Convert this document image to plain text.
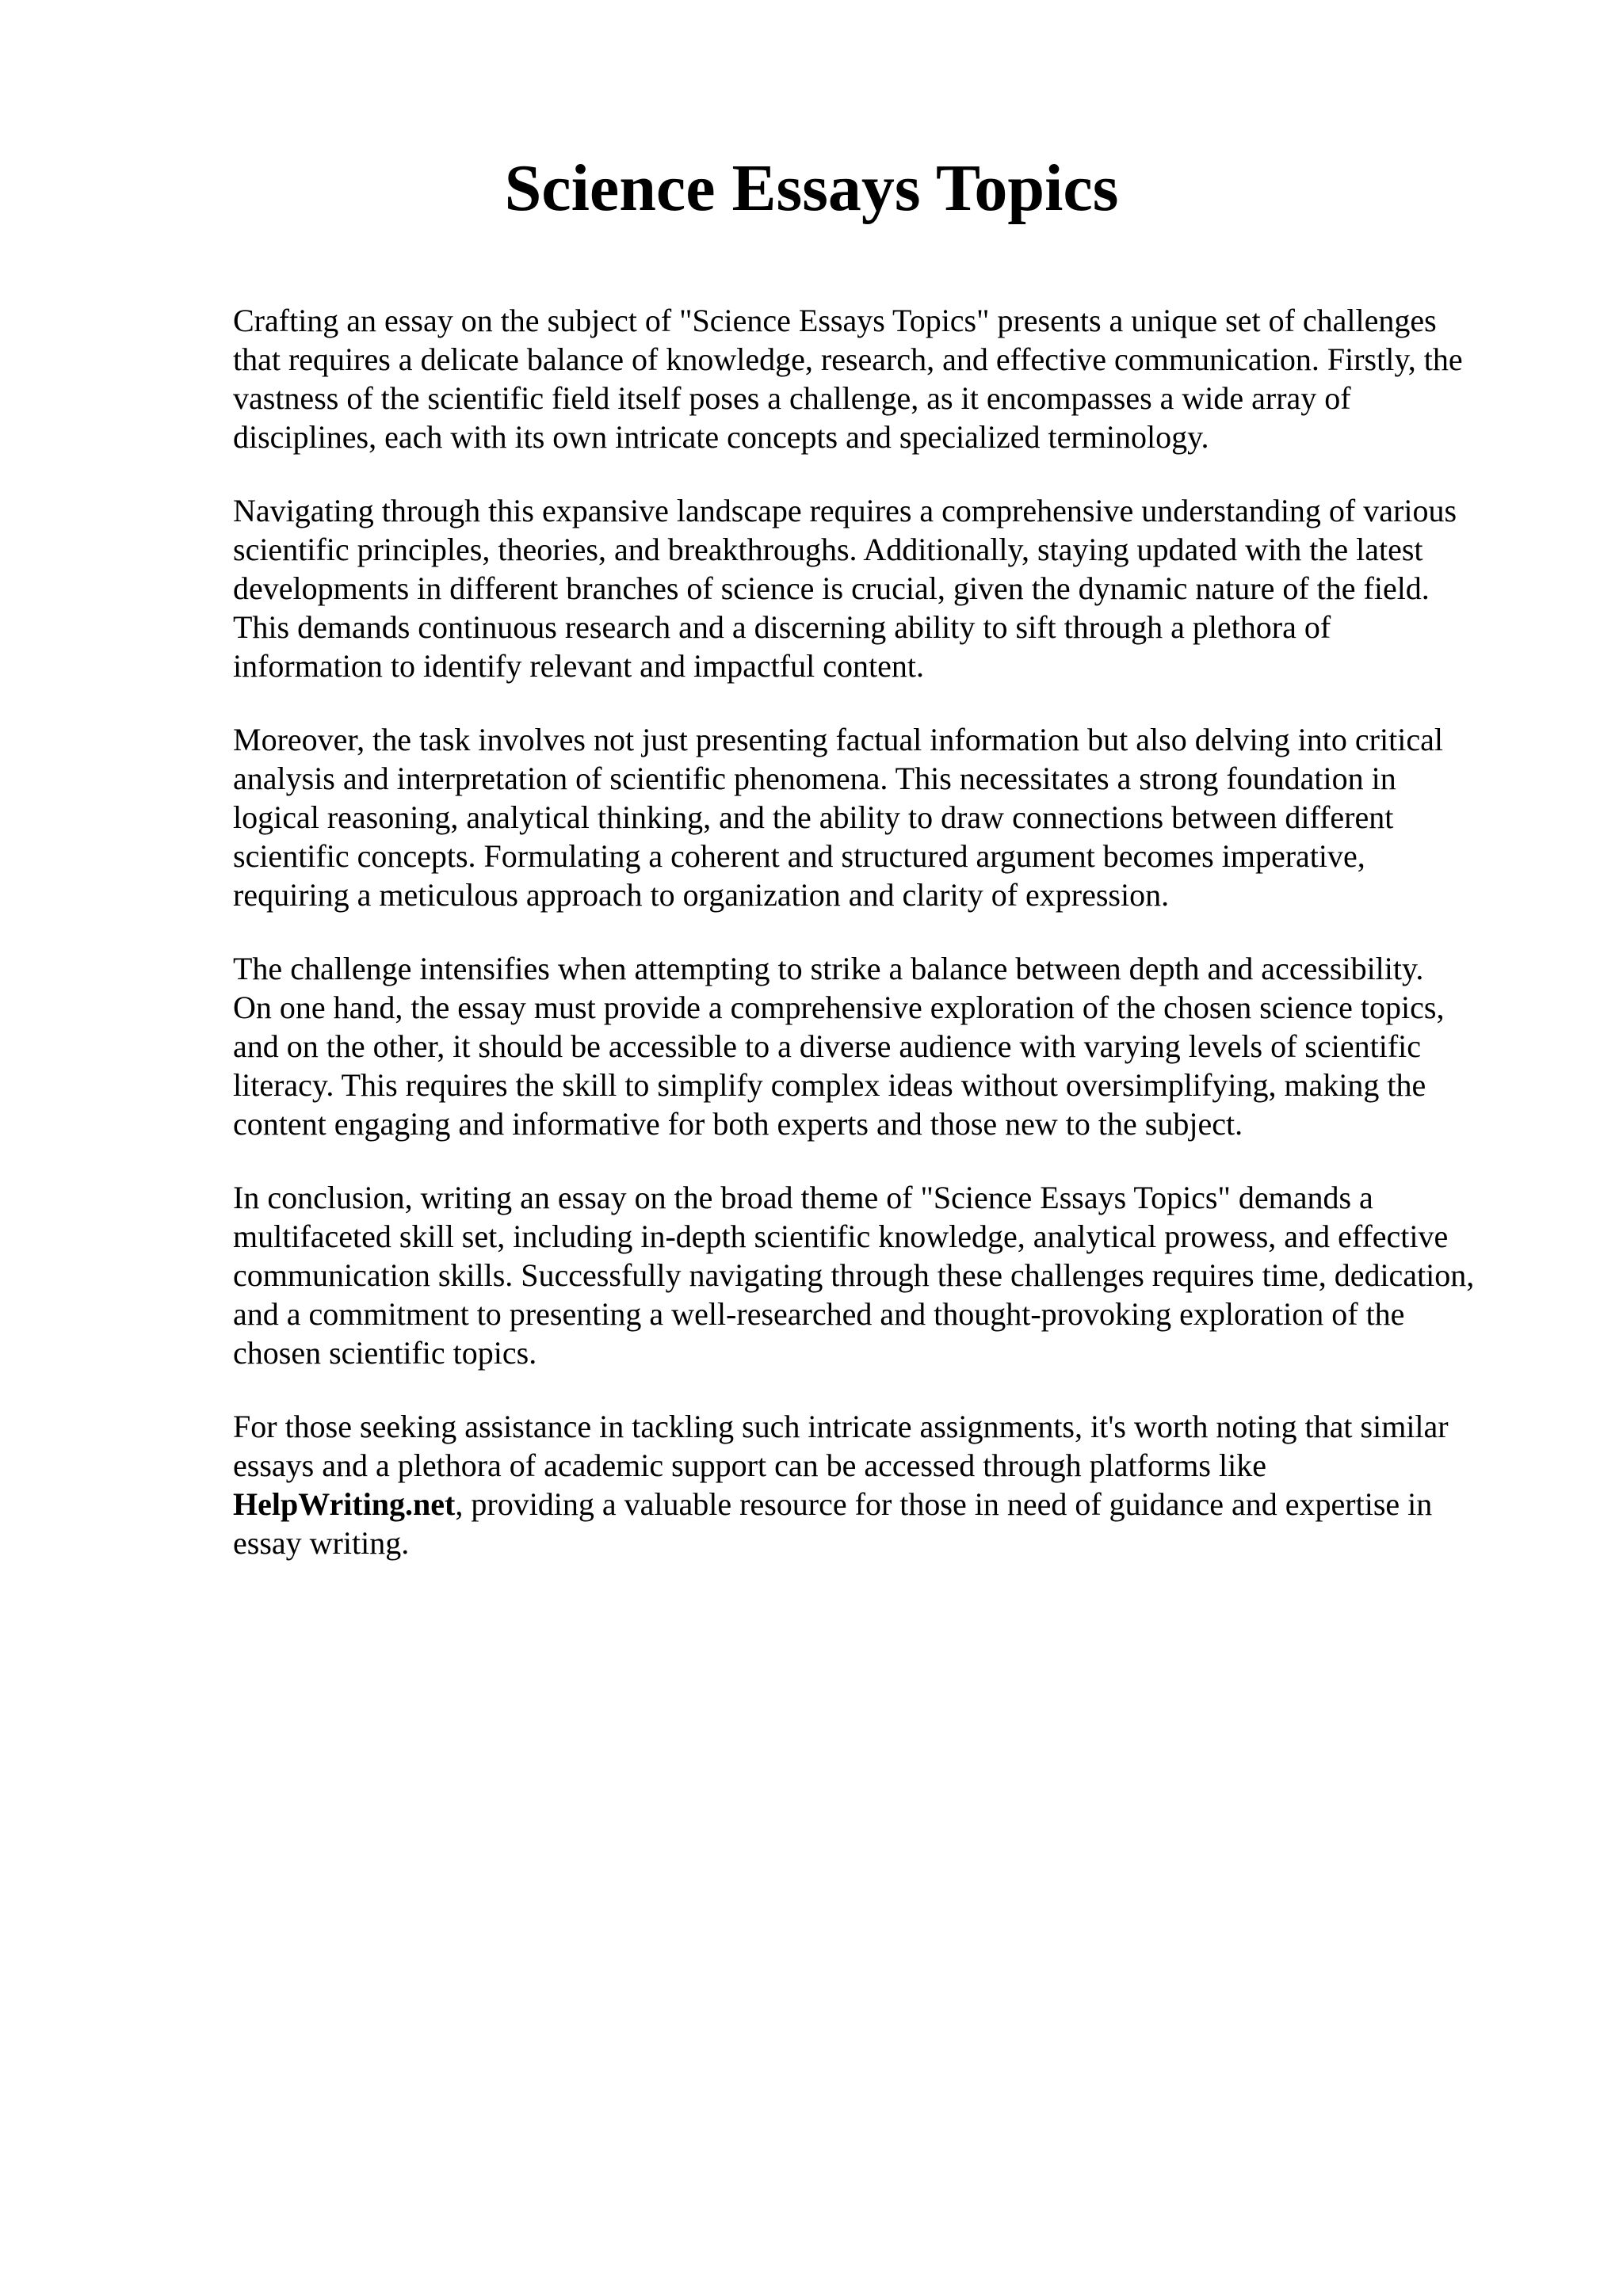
Science Essays Topics

Crafting an essay on the subject of "Science Essays Topics" presents a unique set of challenges
that requires a delicate balance of knowledge, research, and effective communication. Firstly, the
vastness of the scientific field itself poses a challenge, as it encompasses a wide array of
disciplines, each with its own intricate concepts and specialized terminology.

Navigating through this expansive landscape requires a comprehensive understanding of various
scientific principles, theories, and breakthroughs. Additionally, staying updated with the latest
developments in different branches of science is crucial, given the dynamic nature of the field.
This demands continuous research and a discerning ability to sift through a plethora of
information to identify relevant and impactful content.

Moreover, the task involves not just presenting factual information but also delving into critical
analysis and interpretation of scientific phenomena. This necessitates a strong foundation in
logical reasoning, analytical thinking, and the ability to draw connections between different
scientific concepts. Formulating a coherent and structured argument becomes imperative,
requiring a meticulous approach to organization and clarity of expression.

The challenge intensifies when attempting to strike a balance between depth and accessibility.
On one hand, the essay must provide a comprehensive exploration of the chosen science topics,
and on the other, it should be accessible to a diverse audience with varying levels of scientific
literacy. This requires the skill to simplify complex ideas without oversimplifying, making the
content engaging and informative for both experts and those new to the subject.

In conclusion, writing an essay on the broad theme of "Science Essays Topics" demands a
multifaceted skill set, including in-depth scientific knowledge, analytical prowess, and effective
communication skills. Successfully navigating through these challenges requires time, dedication,
and a commitment to presenting a well-researched and thought-provoking exploration of the
chosen scientific topics.

For those seeking assistance in tackling such intricate assignments, it's worth noting that similar
essays and a plethora of academic support can be accessed through platforms like
HelpWriting.net, providing a valuable resource for those in need of guidance and expertise in
essay writing.
